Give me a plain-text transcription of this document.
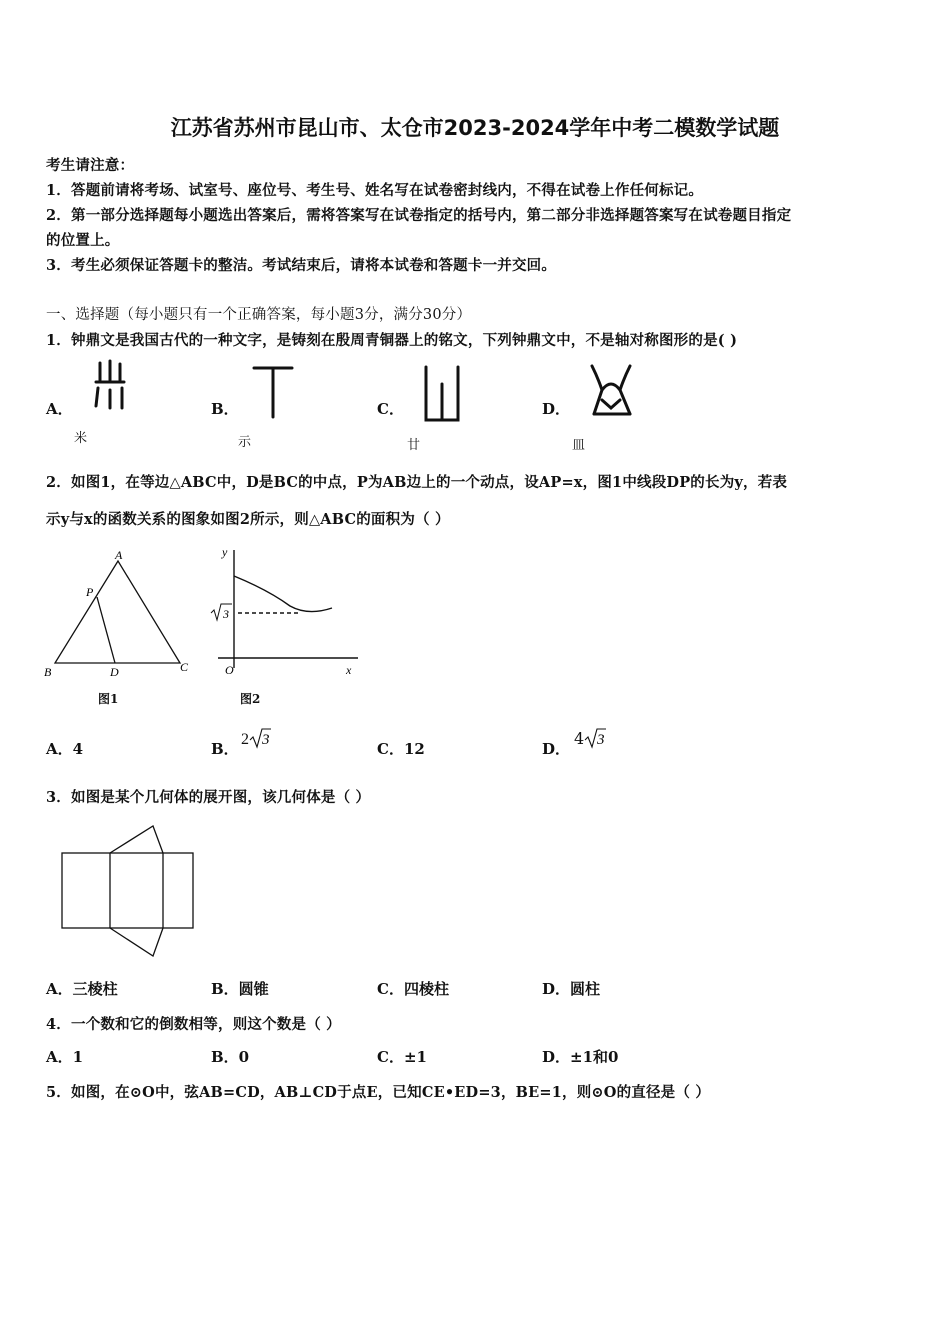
江苏省苏州市昆山市、太仓市2023-2024学年中考二模数学试题
考生请注意：
1．答题前请将考场、试室号、座位号、考生号、姓名写在试卷密封线内，不得在试卷上作任何标记。
2．第一部分选择题每小题选出答案后，需将答案写在试卷指定的括号内，第二部分非选择题答案写在试卷题目指定
的位置上。
3．考生必须保证答题卡的整洁。考试结束后，请将本试卷和答题卡一并交回。
一、选择题（每小题只有一个正确答案，每小题3分，满分30分）
1．钟鼎文是我国古代的一种文字，是铸刻在殷周青铜器上的铭文，下列钟鼎文中，不是轴对称图形的是( )
A．	B．	C．	D．
米	示	廿	皿
2．如图1，在等边△ABC中，D是BC的中点，P为AB边上的一个动点，设AP=x，图1中线段DP的长为y，若表
示y与x的函数关系的图象如图2所示，则△ABC的面积为（ ）
A
P
B	D	C
图1
y
O	x
3
图2
A．4	B．
2 3	C．12	D．
4 3
3．如图是某个几何体的展开图，该几何体是（ ）
A．三棱柱	B．圆锥	C．四棱柱	D．圆柱
4．一个数和它的倒数相等，则这个数是（ ）
A．1	B．0	C．±1	D．±1和0
5．如图，在⊙O中，弦AB=CD，AB⊥CD于点E，已知CE•ED=3，BE=1，则⊙O的直径是（ ）
